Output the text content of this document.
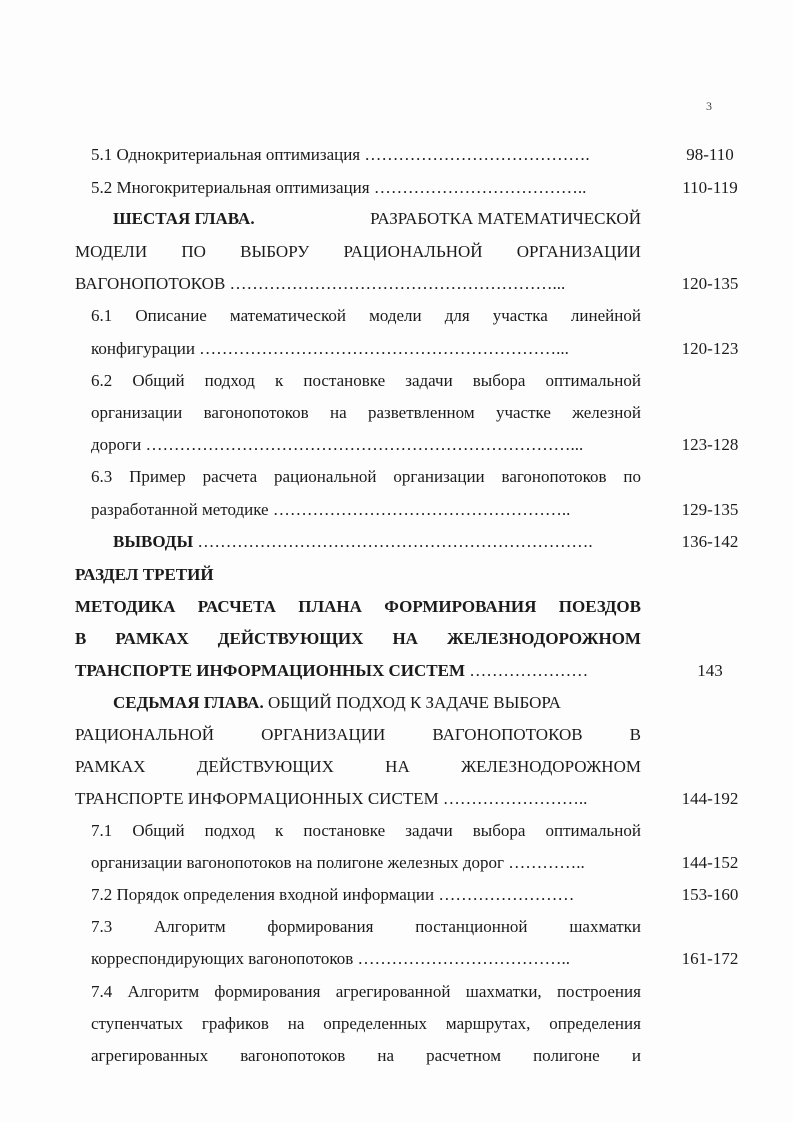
3
5.1 Однокритериальная оптимизация ………………………………….	98-110
5.2 Многокритериальная оптимизация ………………………………..	110-119
ШЕСТАЯ ГЛАВА.	РАЗРАБОТКА МАТЕМАТИЧЕСКОЙ
МОДЕЛИ ПО ВЫБОРУ РАЦИОНАЛЬНОЙ ОРГАНИЗАЦИИ
ВАГОНОПОТОКОВ …………………………………………………...	120-135
6.1 Описание математической модели для участка линейной
конфигурации ………………………………………………………...	120-123
6.2 Общий подход к постановке задачи выбора оптимальной
организации вагонопотоков на разветвленном участке железной
дороги …………………………………………………………………...	123-128
6.3 Пример расчета рациональной организации вагонопотоков по
разработанной методике ……………………………………………..	129-135
ВЫВОДЫ …………………………………………………………….	136-142
РАЗДЕЛ ТРЕТИЙ
МЕТОДИКА РАСЧЕТА ПЛАНА ФОРМИРОВАНИЯ ПОЕЗДОВ
В РАМКАХ ДЕЙСТВУЮЩИХ НА ЖЕЛЕЗНОДОРОЖНОМ
ТРАНСПОРТЕ ИНФОРМАЦИОННЫХ СИСТЕМ …………………	143
СЕДЬМАЯ ГЛАВА. ОБЩИЙ ПОДХОД К ЗАДАЧЕ ВЫБОРА
РАЦИОНАЛЬНОЙ	ОРГАНИЗАЦИИ	ВАГОНОПОТОКОВ	В
РАМКАХ	ДЕЙСТВУЮЩИХ	НА	ЖЕЛЕЗНОДОРОЖНОМ
ТРАНСПОРТЕ ИНФОРМАЦИОННЫХ СИСТЕМ ……………………..	144-192
7.1 Общий подход к постановке задачи выбора оптимальной
организации вагонопотоков на полигоне железных дорог …………..	144-152
7.2 Порядок определения входной информации ……………………	153-160
7.3 Алгоритм формирования постанционной шахматки
корреспондирующих вагонопотоков ………………………………..	161-172
7.4 Алгоритм формирования агрегированной шахматки, построения
ступенчатых графиков на определенных маршрутах, определения
агрегированных вагонопотоков на расчетном полигоне и
